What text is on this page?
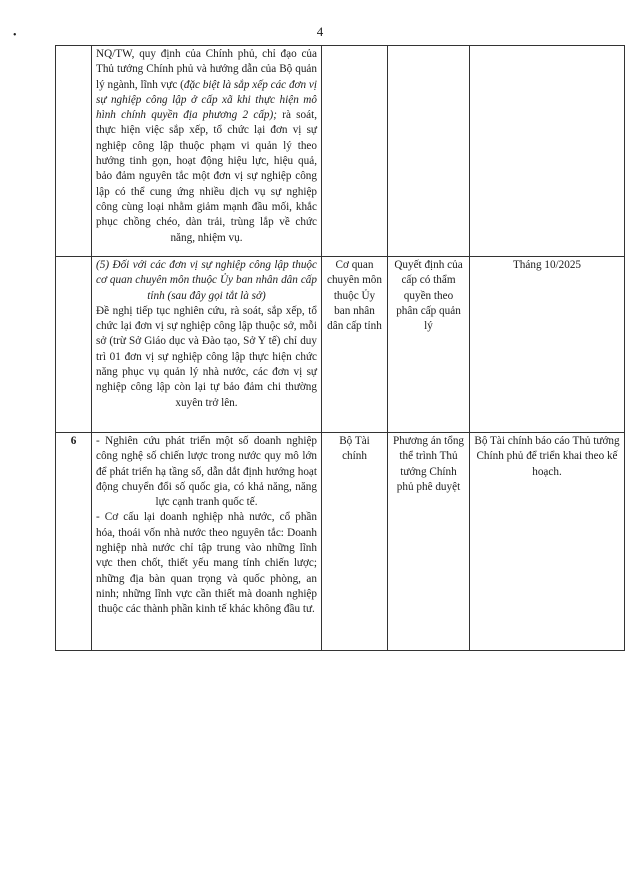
•	4
	NQ/TW, quy định của Chính phủ, chỉ đạo của Thủ tướng Chính phủ và hướng dẫn của Bộ quản lý ngành, lĩnh vực (đặc biệt là sắp xếp các đơn vị sự nghiệp công lập ở cấp xã khi thực hiện mô hình chính quyền địa phương 2 cấp); rà soát, thực hiện việc sắp xếp, tổ chức lại đơn vị sự nghiệp công lập thuộc phạm vi quản lý theo hướng tinh gọn, hoạt động hiệu lực, hiệu quả, bảo đảm nguyên tắc một đơn vị sự nghiệp công lập có thể cung ứng nhiều dịch vụ sự nghiệp công cùng loại nhằm giảm mạnh đầu mối, khắc phục chồng chéo, dàn trải, trùng lắp về chức năng, nhiệm vụ.			

	(5) Đối với các đơn vị sự nghiệp công lập thuộc cơ quan chuyên môn thuộc Ủy ban nhân dân cấp tỉnh (sau đây gọi tắt là sở)

Đề nghị tiếp tục nghiên cứu, rà soát, sắp xếp, tổ chức lại đơn vị sự nghiệp công lập thuộc sở, mỗi sở (trừ Sở Giáo dục và Đào tạo, Sở Y tế) chỉ duy trì 01 đơn vị sự nghiệp công lập thực hiện chức năng phục vụ quản lý nhà nước, các đơn vị sự nghiệp công lập còn lại tự bảo đảm chi thường xuyên trở lên.	Cơ quan chuyên môn thuộc Ủy ban nhân dân cấp tỉnh	Quyết định của cấp có thẩm quyền theo phân cấp quản lý	Tháng 10/2025
6	- Nghiên cứu phát triển một số doanh nghiệp công nghệ số chiến lược trong nước quy mô lớn để phát triển hạ tầng số, dẫn dắt định hướng hoạt động chuyển đổi số quốc gia, có khả năng, năng lực cạnh tranh quốc tế.

- Cơ cấu lại doanh nghiệp nhà nước, cổ phần hóa, thoái vốn nhà nước theo nguyên tắc: Doanh nghiệp nhà nước chỉ tập trung vào những lĩnh vực then chốt, thiết yếu mang tính chiến lược; những địa bàn quan trọng và quốc phòng, an ninh; những lĩnh vực cần thiết mà doanh nghiệp thuộc các thành phần kinh tế khác không đầu tư.	Bộ Tài chính	Phương án tổng thể trình Thủ tướng Chính phủ phê duyệt	Bộ Tài chính báo cáo Thủ tướng Chính phủ để triển khai theo kế hoạch.
